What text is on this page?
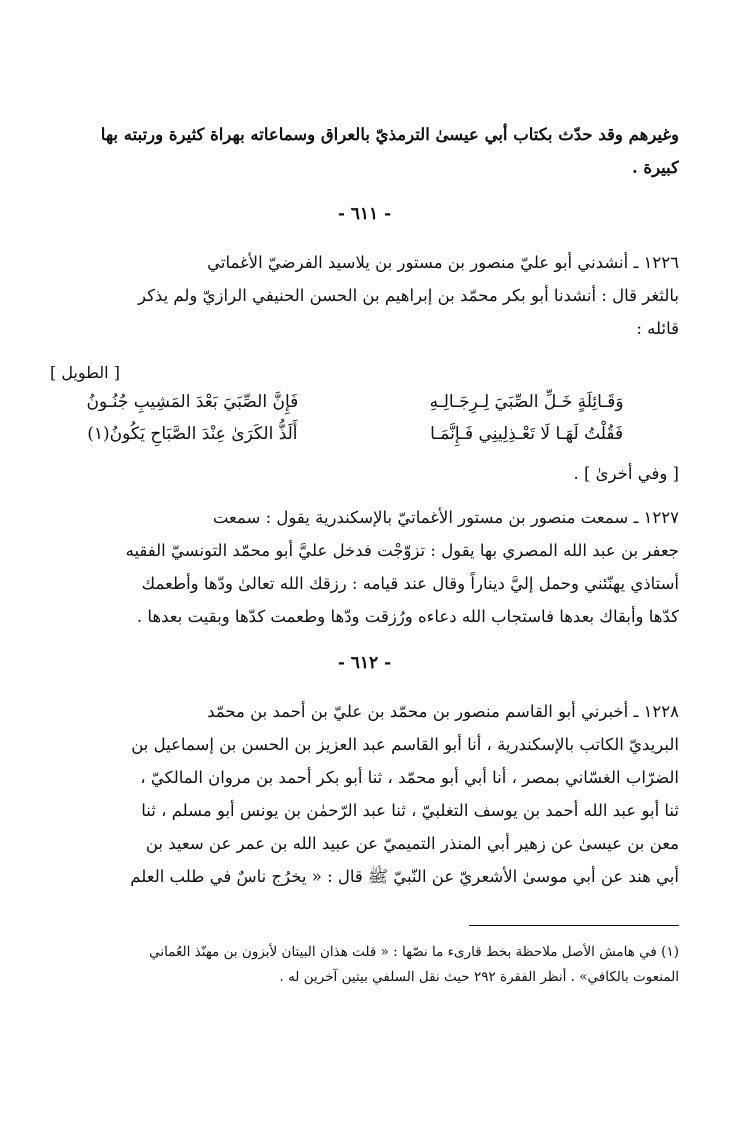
وغيرهم وقد حدّث بكتاب أبي عيسىٰ الترمذيّ بالعراق وسماعاته بهراة كثيرة ورتبته بها
كبيرة .
- ٦١١ -
١٢٢٦ ـ أنشدني أبو عليّ منصور بن مستور بن يلاسيد الفرضيّ الأغماتي
بالثغر قال : أنشدنا أبو بكر محمّد بن إبراهيم بن الحسن الحنيفي الرازيّ ولم يذكر
قائله :
[ الطويل ]
وَقَـائِلَةٍ خَـلِّ الصِّبَيَ لِـرِجَـالِـهِ
فَإِنَّ الصِّبَيَ بَعْدَ المَشِيبِ جُنُـونُ
فَقُلْتُ لَهَـا لَا تَعْـذِلِينِي فَـإِنَّمَـا
أَلَذُّ الكَرَىٰ عِنْدَ الصَّبَاحِ يَكُونُ(١)
[ وفي أخرىٰ ] .
١٢٢٧ ـ سمعت منصور بن مستور الأغماتيّ بالإسكندرية يقول : سمعت
جعفر بن عبد الله المصري بها يقول : تزوّجْت فدخل عليَّ أبو محمّد التونسيّ الفقيه
أستاذي يهنّئني وحمل إليَّ ديناراً وقال عند قيامه : رزقك الله تعالىٰ ودّها وأطعمك
كدّها وأبقاك بعدها فاستجاب الله دعاءه ورُزقت ودّها وطعمت كدّها وبقيت بعدها .
- ٦١٢ -
١٢٢٨ ـ أخبرني أبو القاسم منصور بن محمّد بن عليّ بن أحمد بن محمّد
البريديّ الكاتب بالإسكندرية ، أنا أبو القاسم عبد العزيز بن الحسن بن إسماعيل بن
الضرّاب الغسّاني بمصر ، أنا أبي أبو محمّد ، ثنا أبو بكر أحمد بن مروان المالكيّ ،
ثنا أبو عبد الله أحمد بن يوسف التغلبيّ ، ثنا عبد الرّحمٰن بن يونس أبو مسلم ، ثنا
معن بن عيسىٰ عن زهير أبي المنذر التميميّ عن عبيد الله بن عمر عن سعيد بن
أبي هند عن أبي موسىٰ الأشعريّ عن النّبيّ ﷺ قال : « يخرُج ناسٌ في طلب العلم
(١) في هامش الأصل ملاحظة بخط قارىء ما نصّها : « قلت هذان البيتان لأبزون بن مهنّذ العُماني
المنعوت بالكافي» . أنظر الفقرة ٢٩٢ حيث نقل السلفي بيتين آخرين له .
